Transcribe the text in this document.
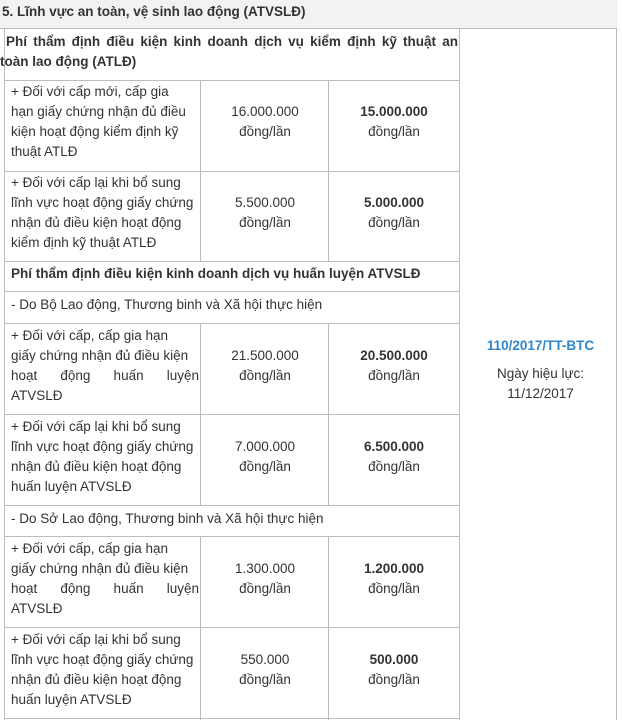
5. Lĩnh vực an toàn, vệ sinh lao động (ATVSLĐ)
Phí thẩm định điều kiện kinh doanh dịch vụ kiểm định kỹ thuật an
toàn lao động (ATLĐ)
+ Đối với cấp mới, cấp gia
hạn giấy chứng nhận đủ điều
kiện hoạt động kiểm định kỹ
thuật ATLĐ
16.000.000
đồng/lần
15.000.000
đồng/lần
+ Đối với cấp lại khi bổ sung
lĩnh vực hoạt động giấy chứng
nhận đủ điều kiện hoạt động
kiểm định kỹ thuật ATLĐ
5.500.000
đồng/lần
5.000.000
đồng/lần
Phí thẩm định điều kiện kinh doanh dịch vụ huấn luyện ATVSLĐ
- Do Bộ Lao động, Thương binh và Xã hội thực hiện
+ Đối với cấp, cấp gia hạn
giấy chứng nhận đủ điều kiện
hoạt động huấn luyện
ATVSLĐ
21.500.000
đồng/lần
20.500.000
đồng/lần
+ Đối với cấp lại khi bổ sung
lĩnh vực hoạt động giấy chứng
nhận đủ điều kiện hoạt động
huấn luyện ATVSLĐ
7.000.000
đồng/lần
6.500.000
đồng/lần
- Do Sở Lao động, Thương binh và Xã hội thực hiện
+ Đối với cấp, cấp gia hạn
giấy chứng nhận đủ điều kiện
hoạt động huấn luyện
ATVSLĐ
1.300.000
đồng/lần
1.200.000
đồng/lần
+ Đối với cấp lại khi bổ sung
lĩnh vực hoạt động giấy chứng
nhận đủ điều kiện hoạt động
huấn luyện ATVSLĐ
550.000
đồng/lần
500.000
đồng/lần
110/2017/TT-BTC
Ngày hiệu lực:
11/12/2017
